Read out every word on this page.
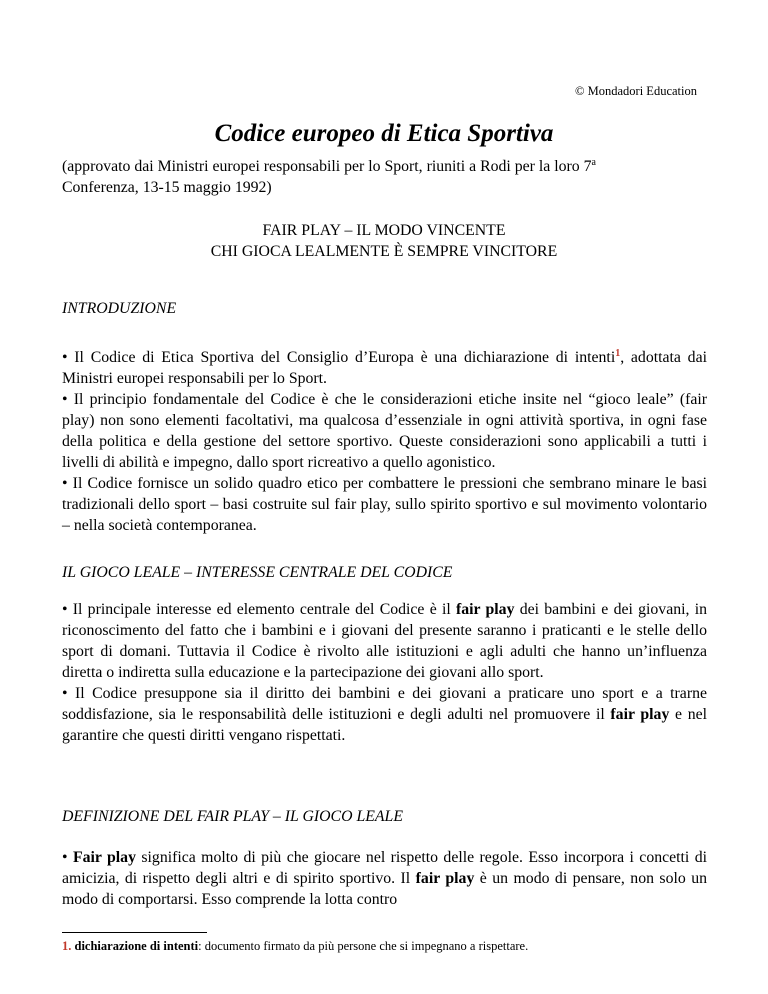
© Mondadori Education
Codice europeo di Etica Sportiva
(approvato dai Ministri europei responsabili per lo Sport, riuniti a Rodi per la loro 7$^a$
Conferenza, 13-15 maggio 1992)
FAIR PLAY – IL MODO VINCENTE
CHI GIOCA LEALMENTE È SEMPRE VINCITORE
INTRODUZIONE

• Il Codice di Etica Sportiva del Consiglio d’Europa è una dichiarazione di intenti$^1$, adottata dai Ministri europei responsabili per lo Sport.

• Il principio fondamentale del Codice è che le considerazioni etiche insite nel “gioco leale” (fair play) non sono elementi facoltativi, ma qualcosa d’essenziale in ogni attività sportiva, in ogni fase della politica e della gestione del settore sportivo. Queste considerazioni sono applicabili a tutti i livelli di abilità e impegno, dallo sport ricreativo a quello agonistico.

• Il Codice fornisce un solido quadro etico per combattere le pressioni che sembrano minare le basi tradizionali dello sport – basi costruite sul fair play, sullo spirito sportivo e sul movimento volontario – nella società contemporanea.

IL GIOCO LEALE – INTERESSE CENTRALE DEL CODICE

• Il principale interesse ed elemento centrale del Codice è il fair play dei bambini e dei giovani, in riconoscimento del fatto che i bambini e i giovani del presente saranno i praticanti e le stelle dello sport di domani. Tuttavia il Codice è rivolto alle istituzioni e agli adulti che hanno un’influenza diretta o indiretta sulla educazione e la partecipazione dei giovani allo sport.

• Il Codice presuppone sia il diritto dei bambini e dei giovani a praticare uno sport e a trarne soddisfazione, sia le responsabilità delle istituzioni e degli adulti nel promuovere il fair play e nel garantire che questi diritti vengano rispettati.

DEFINIZIONE DEL FAIR PLAY – IL GIOCO LEALE

• Fair play significa molto di più che giocare nel rispetto delle regole. Esso incorpora i concetti di amicizia, di rispetto degli altri e di spirito sportivo. Il fair play è un modo di pensare, non solo un modo di comportarsi. Esso comprende la lotta contro

1. dichiarazione di intenti: documento firmato da più persone che si impegnano a rispettare.
